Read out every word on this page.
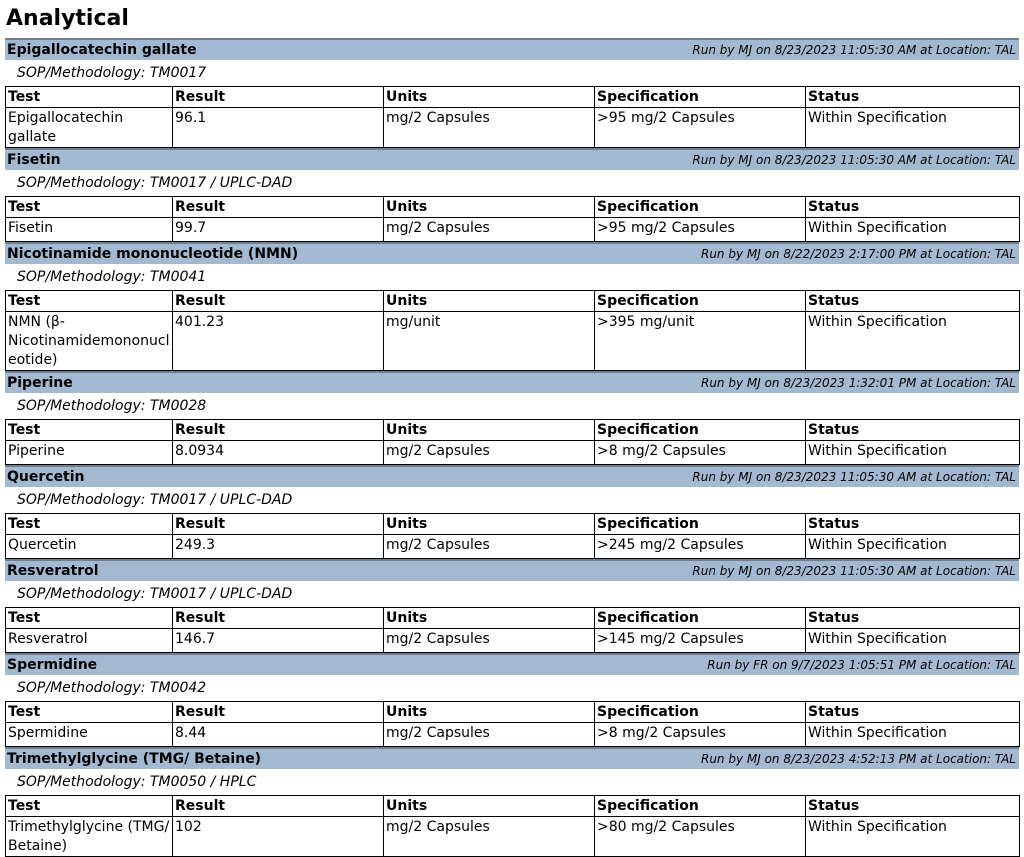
Analytical
Epigallocatechin gallate	Run by MJ on 8/23/2023 11:05:30 AM at Location: TAL
SOP/Methodology: TM0017
Test	Result	Units	Specification	Status
Epigallocatechin gallate	96.1	mg/2 Capsules	>95 mg/2 Capsules	Within Specification
Fisetin	Run by MJ on 8/23/2023 11:05:30 AM at Location: TAL
SOP/Methodology: TM0017 / UPLC-DAD
Test	Result	Units	Specification	Status
Fisetin	99.7	mg/2 Capsules	>95 mg/2 Capsules	Within Specification
Nicotinamide mononucleotide (NMN)	Run by MJ on 8/22/2023 2:17:00 PM at Location: TAL
SOP/Methodology: TM0041
Test	Result	Units	Specification	Status
NMN (β-Nicotinamidemononucleotide)	401.23	mg/unit	>395 mg/unit	Within Specification
Piperine	Run by MJ on 8/23/2023 1:32:01 PM at Location: TAL
SOP/Methodology: TM0028
Test	Result	Units	Specification	Status
Piperine	8.0934	mg/2 Capsules	>8 mg/2 Capsules	Within Specification
Quercetin	Run by MJ on 8/23/2023 11:05:30 AM at Location: TAL
SOP/Methodology: TM0017 / UPLC-DAD
Test	Result	Units	Specification	Status
Quercetin	249.3	mg/2 Capsules	>245 mg/2 Capsules	Within Specification
Resveratrol	Run by MJ on 8/23/2023 11:05:30 AM at Location: TAL
SOP/Methodology: TM0017 / UPLC-DAD
Test	Result	Units	Specification	Status
Resveratrol	146.7	mg/2 Capsules	>145 mg/2 Capsules	Within Specification
Spermidine	Run by FR on 9/7/2023 1:05:51 PM at Location: TAL
SOP/Methodology: TM0042
Test	Result	Units	Specification	Status
Spermidine	8.44	mg/2 Capsules	>8 mg/2 Capsules	Within Specification
Trimethylglycine (TMG/ Betaine)	Run by MJ on 8/23/2023 4:52:13 PM at Location: TAL
SOP/Methodology: TM0050 / HPLC
Test	Result	Units	Specification	Status
Trimethylglycine (TMG/ Betaine)	102	mg/2 Capsules	>80 mg/2 Capsules	Within Specification
